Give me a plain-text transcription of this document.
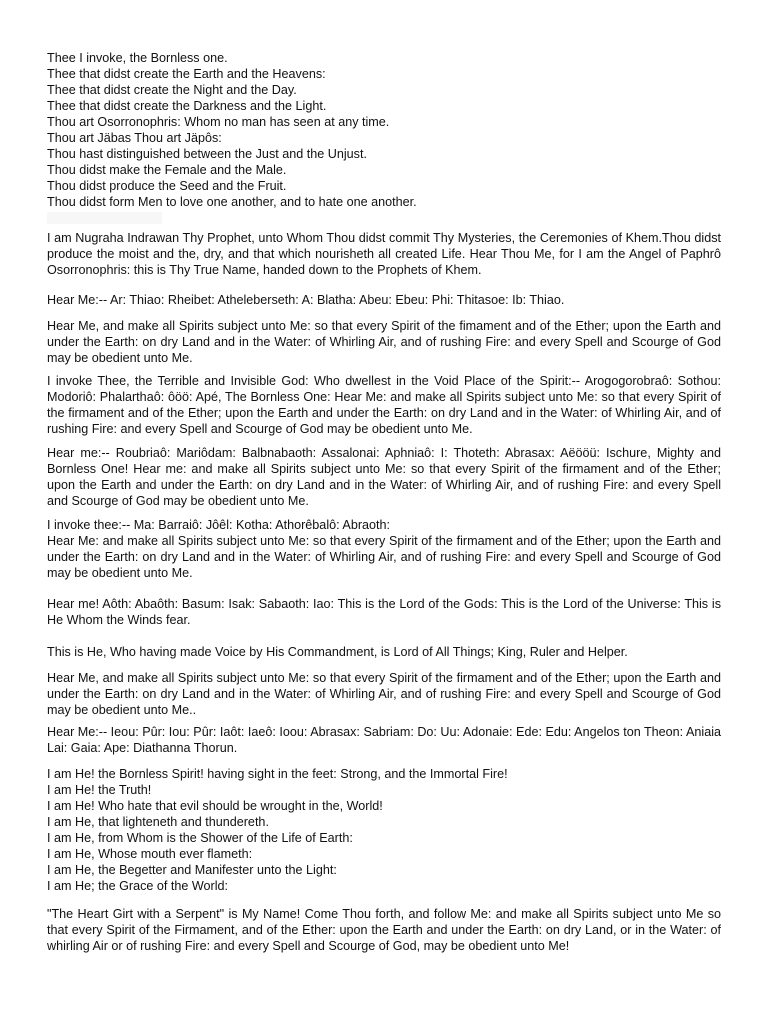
Thee I invoke, the Bornless one.
Thee that didst create the Earth and the Heavens:
Thee that didst create the Night and the Day.
Thee that didst create the Darkness and the Light.
Thou art Osorronophris: Whom no man has seen at any time.
Thou art Jäbas Thou art Jäpôs:
Thou hast distinguished between the Just and the Unjust.
Thou didst make the Female and the Male.
Thou didst produce the Seed and the Fruit.
Thou didst form Men to love one another, and to hate one another.

I am Nugraha Indrawan Thy Prophet, unto Whom Thou didst commit Thy Mysteries, the Ceremonies of Khem.Thou didst produce the moist and the, dry, and that which nourisheth all created Life. Hear Thou Me, for I am the Angel of Paphrô Osorronophris: this is Thy True Name, handed down to the Prophets of Khem.

Hear Me:-- Ar: Thiao: Rheibet: Atheleberseth: A: Blatha: Abeu: Ebeu: Phi: Thitasoe: Ib: Thiao.

Hear Me, and make all Spirits subject unto Me: so that every Spirit of the fimament and of the Ether; upon the Earth and under the Earth: on dry Land and in the Water: of Whirling Air, and of rushing Fire: and every Spell and Scourge of God may be obedient unto Me.

I invoke Thee, the Terrible and Invisible God: Who dwellest in the Void Place of the Spirit:-- Arogogorobraô: Sothou: Modoriô: Phalarthaô: ôöö: Apé, The Bornless One: Hear Me: and make all Spirits subject unto Me: so that every Spirit of the firmament and of the Ether; upon the Earth and under the Earth: on dry Land and in the Water: of Whirling Air, and of rushing Fire: and every Spell and Scourge of God may be obedient unto Me.

Hear me:-- Roubriaô: Mariôdam: Balbnabaoth: Assalonai: Aphniaô: I: Thoteth: Abrasax: Aëööü: Ischure, Mighty and Bornless One! Hear me: and make all Spirits subject unto Me: so that every Spirit of the firmament and of the Ether; upon the Earth and under the Earth: on dry Land and in the Water: of Whirling Air, and of rushing Fire: and every Spell and Scourge of God may be obedient unto Me.

I invoke thee:-- Ma: Barraiô: Jôêl: Kotha: Athorêbalô: Abraoth:

Hear Me: and make all Spirits subject unto Me: so that every Spirit of the firmament and of the Ether; upon the Earth and under the Earth: on dry Land and in the Water: of Whirling Air, and of rushing Fire: and every Spell and Scourge of God may be obedient unto Me.

Hear me! Aôth: Abaôth: Basum: Isak: Sabaoth: Iao: This is the Lord of the Gods: This is the Lord of the Universe: This is He Whom the Winds fear.

This is He, Who having made Voice by His Commandment, is Lord of All Things; King, Ruler and Helper.

Hear Me, and make all Spirits subject unto Me: so that every Spirit of the firmament and of the Ether; upon the Earth and under the Earth: on dry Land and in the Water: of Whirling Air, and of rushing Fire: and every Spell and Scourge of God may be obedient unto Me..

Hear Me:-- Ieou: Pûr: Iou: Pûr: Iaôt: Iaeô: Ioou: Abrasax: Sabriam: Do: Uu: Adonaie: Ede: Edu: Angelos ton Theon: Aniaia Lai: Gaia: Ape: Diathanna Thorun.

I am He! the Bornless Spirit! having sight in the feet: Strong, and the Immortal Fire!
I am He! the Truth!
I am He! Who hate that evil should be wrought in the, World!
I am He, that lighteneth and thundereth.
I am He, from Whom is the Shower of the Life of Earth:
I am He, Whose mouth ever flameth:
I am He, the Begetter and Manifester unto the Light:
I am He; the Grace of the World:

"The Heart Girt with a Serpent" is My Name! Come Thou forth, and follow Me: and make all Spirits subject unto Me so that every Spirit of the Firmament, and of the Ether: upon the Earth and under the Earth: on dry Land, or in the Water: of whirling Air or of rushing Fire: and every Spell and Scourge of God, may be obedient unto Me!
